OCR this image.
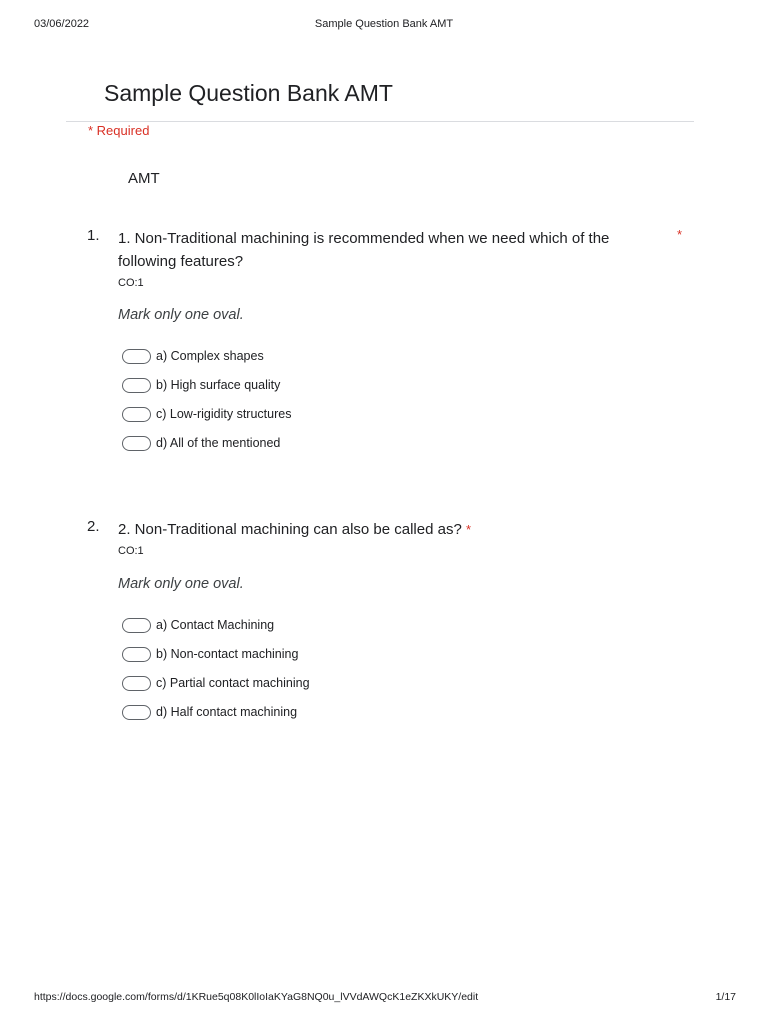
03/06/2022	Sample Question Bank AMT
Sample Question Bank AMT
* Required
AMT
1. 1. Non-Traditional machining is recommended when we need which of the following features?
*
CO:1
Mark only one oval.
a) Complex shapes
b) High surface quality
c) Low-rigidity structures
d) All of the mentioned
2. 2. Non-Traditional machining can also be called as? *
CO:1
Mark only one oval.
a) Contact Machining
b) Non-contact machining
c) Partial contact machining
d) Half contact machining
https://docs.google.com/forms/d/1KRue5q08K0lIoIaKYaG8NQ0u_lVVdAWQcK1eZKXkUKY/edit	1/17
